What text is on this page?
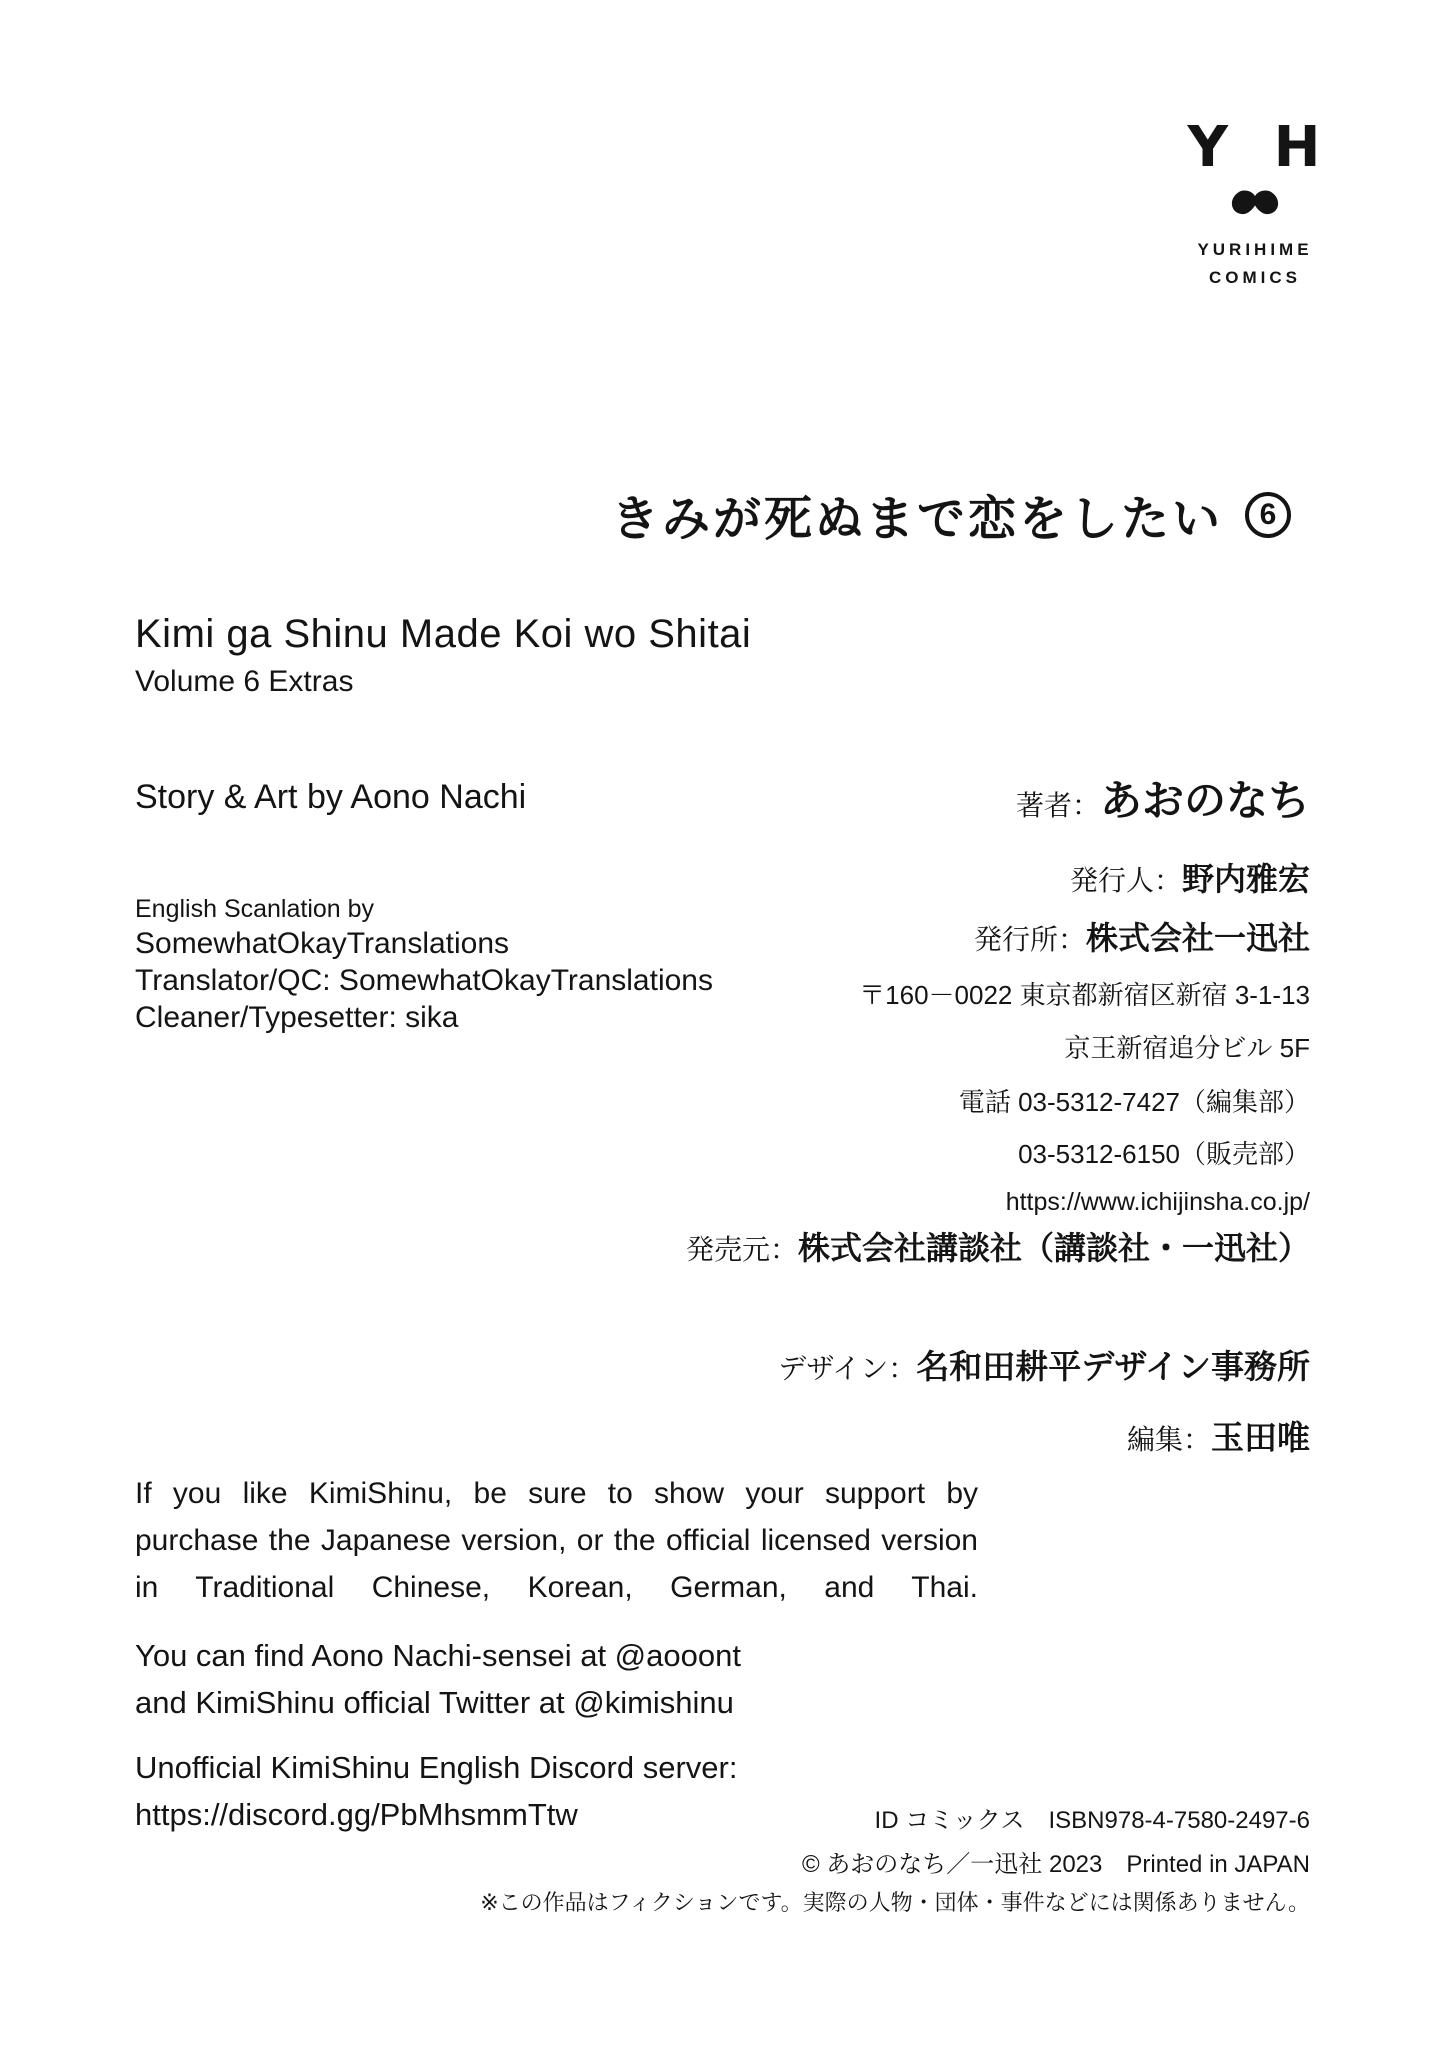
Y H
YURIHIME
COMICS
きみが死ぬまで恋をしたい	6
Kimi ga Shinu Made Koi wo Shitai
Volume 6 Extras
Story & Art by Aono Nachi
English Scanlation by
SomewhatOkayTranslations
Translator/QC: SomewhatOkayTranslations
Cleaner/Typesetter: sika
著者：あおのなち
発行人：野内雅宏
発行所：株式会社一迅社
〒160－0022 東京都新宿区新宿 3-1-13
京王新宿追分ビル 5F
電話 03-5312-7427（編集部）
03-5312-6150（販売部）
https://www.ichijinsha.co.jp/
発売元：株式会社講談社（講談社・一迅社）
デザイン：名和田耕平デザイン事務所
編集：玉田唯
ID コミックス　ISBN978-4-7580-2497-6
© あおのなち／一迅社 2023　Printed in JAPAN
※この作品はフィクションです。実際の人物・団体・事件などには関係ありません。
If you like KimiShinu, be sure to show your support by purchase the Japanese version, or the official licensed version in Traditional Chinese, Korean, German, and Thai.
You can find Aono Nachi-sensei at @aooont
and KimiShinu official Twitter at @kimishinu
Unofficial KimiShinu English Discord server:
https://discord.gg/PbMhsmmTtw
